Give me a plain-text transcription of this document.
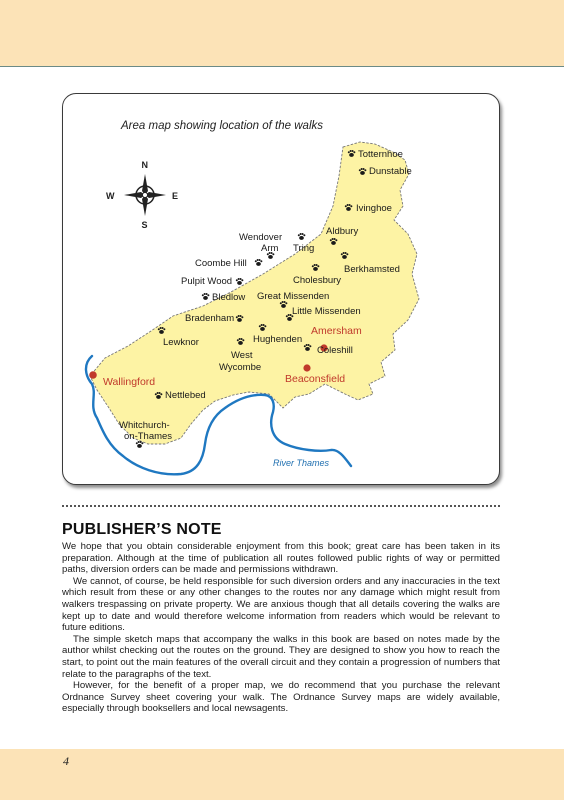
Area map showing location of the walks
River Thames
N
S
W	E
Totternhoe
Dunstable
Ivinghoe
Wendover
Arm Tring
Aldbury
Berkhamsted
Coombe Hill
Cholesbury
Pulpit Wood
Bledlow Great Missenden
Little Missenden
Bradenham
Hughenden
Lewknor
West
Wycombe
Coleshill
Nettlebed
Whitchurch-
on-Thames
Amersham
Beaconsfield
Wallingford
PUBLISHER’S NOTE

We hope that you obtain considerable enjoyment from this book; great care has been taken in its preparation. Although at the time of publication all routes followed public rights of way or permitted paths, diversion orders can be made and permissions withdrawn.

We cannot, of course, be held responsible for such diversion orders and any inaccuracies in the text which result from these or any other changes to the routes nor any damage which might result from walkers trespassing on private property. We are anxious though that all details covering the walks are kept up to date and would therefore welcome information from readers which would be relevant to future editions.

The simple sketch maps that accompany the walks in this book are based on notes made by the author whilst checking out the routes on the ground. They are designed to show you how to reach the start, to point out the main features of the overall circuit and they contain a progression of numbers that relate to the paragraphs of the text.

However, for the benefit of a proper map, we do recommend that you purchase the relevant Ordnance Survey sheet covering your walk. The Ordnance Survey maps are widely available, especially through booksellers and local newsagents.

4
